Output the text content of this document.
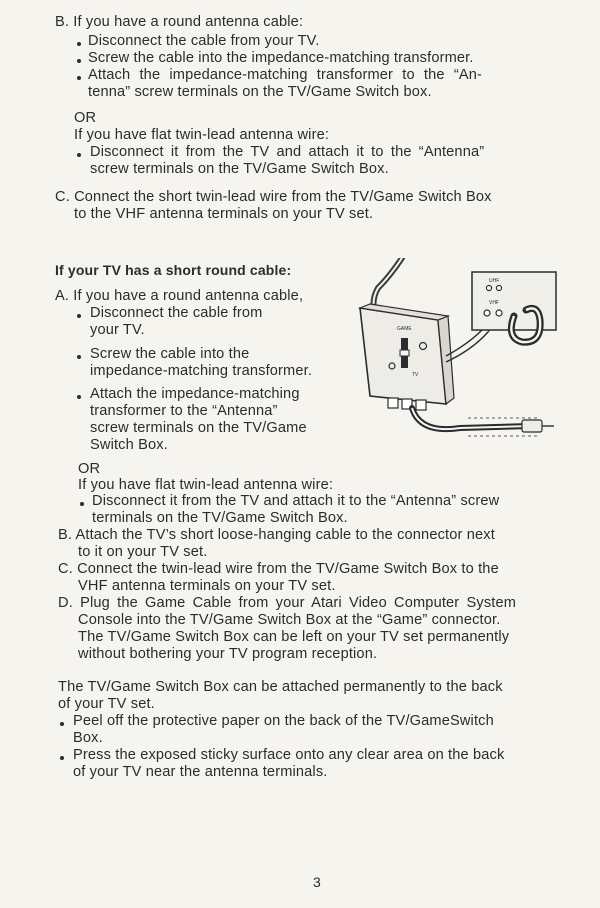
B. If you have a round antenna cable:
Disconnect the cable from your TV.
Screw the cable into the impedance-matching transformer.
Attach the impedance-matching transformer to the “An-
tenna” screw terminals on the TV/Game Switch box.
OR
If you have flat twin-lead antenna wire:
Disconnect it from the TV and attach it to the “Antenna”
screw terminals on the TV/Game Switch Box.
C. Connect the short twin-lead wire from the TV/Game Switch Box
to the VHF antenna terminals on your TV set.
If your TV has a short round cable:
A. If you have a round antenna cable,
Disconnect the cable from
your TV.
Screw the cable into the
impedance-matching transformer.
Attach the impedance-matching
transformer to the “Antenna”
screw terminals on the TV/Game
Switch Box.
OR
If you have flat twin-lead antenna wire:
Disconnect it from the TV and attach it to the “Antenna” screw
terminals on the TV/Game Switch Box.
B. Attach the TV’s short loose-hanging cable to the connector next
to it on your TV set.
C. Connect the twin-lead wire from the TV/Game Switch Box to the
VHF antenna terminals on your TV set.
D. Plug the Game Cable from your Atari Video Computer System
Console into the TV/Game Switch Box at the “Game” connector.
The TV/Game Switch Box can be left on your TV set permanently
without bothering your TV program reception.
The TV/Game Switch Box can be attached permanently to the back
of your TV set.
Peel off the protective paper on the back of the TV/GameSwitch
Box.
Press the exposed sticky surface onto any clear area on the back
of your TV near the antenna terminals.
GAME
TV
UHF
VHF
3
